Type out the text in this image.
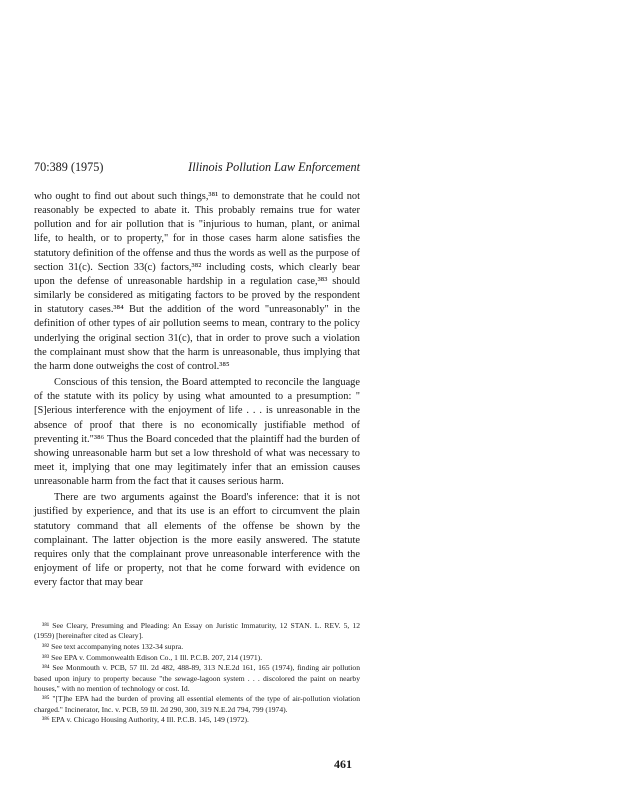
70:389 (1975)	Illinois Pollution Law Enforcement

who ought to find out about such things,³⁸¹ to demonstrate that he could not reasonably be expected to abate it. This probably remains true for water pollution and for air pollution that is "injurious to human, plant, or animal life, to health, or to property," for in those cases harm alone satisfies the statutory definition of the offense and thus the words as well as the purpose of section 31(c). Section 33(c) factors,³⁸² including costs, which clearly bear upon the defense of unreasonable hardship in a regulation case,³⁸³ should similarly be considered as mitigating factors to be proved by the respondent in statutory cases.³⁸⁴ But the addition of the word "unreasonably" in the definition of other types of air pollution seems to mean, contrary to the policy underlying the original section 31(c), that in order to prove such a violation the complainant must show that the harm is unreasonable, thus implying that the harm done outweighs the cost of control.³⁸⁵

Conscious of this tension, the Board attempted to reconcile the language of the statute with its policy by using what amounted to a presumption: "[S]erious interference with the enjoyment of life . . . is unreasonable in the absence of proof that there is no economically justifiable method of preventing it."³⁸⁶ Thus the Board conceded that the plaintiff had the burden of showing unreasonable harm but set a low threshold of what was necessary to meet it, implying that one may legitimately infer that an emission causes unreasonable harm from the fact that it causes serious harm.

There are two arguments against the Board's inference: that it is not justified by experience, and that its use is an effort to circumvent the plain statutory command that all elements of the offense be shown by the complainant. The latter objection is the more easily answered. The statute requires only that the complainant prove unreasonable interference with the enjoyment of life or property, not that he come forward with evidence on every factor that may bear

³⁸¹ See Cleary, Presuming and Pleading: An Essay on Juristic Immaturity, 12 STAN. L. REV. 5, 12 (1959) [hereinafter cited as Cleary].

³⁸² See text accompanying notes 132-34 supra.

³⁸³ See EPA v. Commonwealth Edison Co., 1 Ill. P.C.B. 207, 214 (1971).

³⁸⁴ See Monmouth v. PCB, 57 Ill. 2d 482, 488-89, 313 N.E.2d 161, 165 (1974), finding air pollution based upon injury to property because "the sewage-lagoon system . . . discolored the paint on nearby houses," with no mention of technology or cost. Id.

³⁸⁵ "[T]he EPA had the burden of proving all essential elements of the type of air-pollution violation charged." Incinerator, Inc. v. PCB, 59 Ill. 2d 290, 300, 319 N.E.2d 794, 799 (1974).

³⁸⁶ EPA v. Chicago Housing Authority, 4 Ill. P.C.B. 145, 149 (1972).

461
